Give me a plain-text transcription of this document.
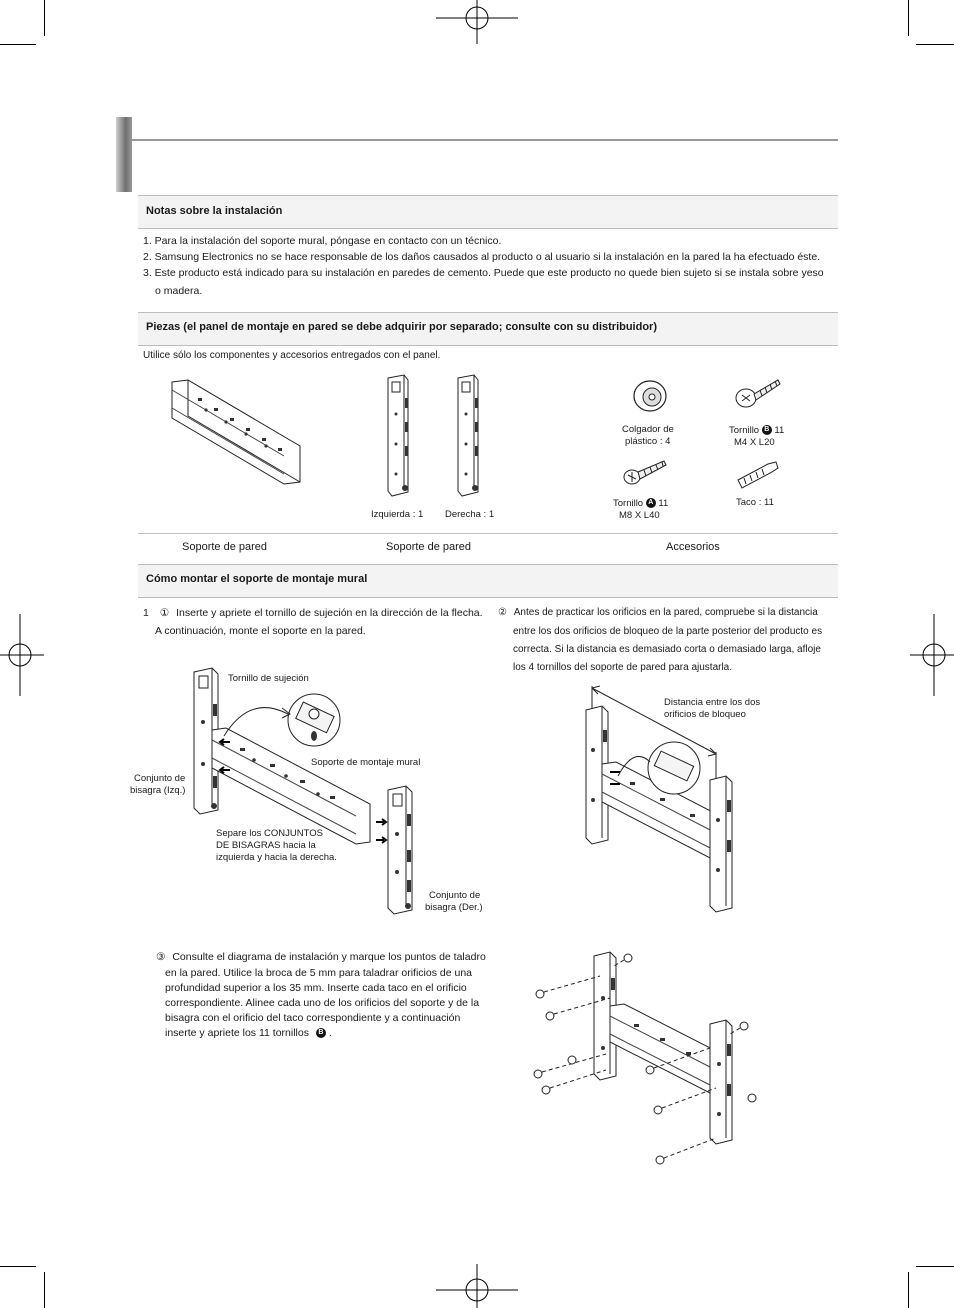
Notas sobre la instalación
1. Para la instalación del soporte mural, póngase en contacto con un técnico.
2. Samsung Electronics no se hace responsable de los daños causados al producto o al usuario si la instalación en la pared la ha efectuado éste.
3. Este producto está indicado para su instalación en paredes de cemento. Puede que este producto no quede bien sujeto si se instala sobre yeso
o madera.
Piezas (el panel de montaje en pared se debe adquirir por separado; consulte con su distribuidor)
Utilice sólo los componentes y accesorios entregados con el panel.
Izquierda : 1 Derecha : 1
Colgador de
plástico : 4
Tornillo B 11
M4 X L20
Tornillo A 11
M8 X L40
Taco : 11
Soporte de pared	Soporte de pared	Accesorios
Cómo montar el soporte de montaje mural
1 ① Inserte y apriete el tornillo de sujeción en la dirección de la flecha.
A continuación, monte el soporte en la pared.
② Antes de practicar los orificios en la pared, compruebe si la distancia
entre los dos orificios de bloqueo de la parte posterior del producto es
correcta. Si la distancia es demasiado corta o demasiado larga, afloje
los 4 tornillos del soporte de pared para ajustarla.
Tornillo de sujeción
Soporte de montaje mural
Conjunto de
bisagra (Izq.)
Separe los CONJUNTOS
DE BISAGRAS hacia la
izquierda y hacia la derecha.
Conjunto de
bisagra (Der.)
Distancia entre los dos
orificios de bloqueo
③ Consulte el diagrama de instalación y marque los puntos de taladro
en la pared. Utilice la broca de 5 mm para taladrar orificios de una
profundidad superior a los 35 mm. Inserte cada taco en el orificio
correspondiente. Alinee cada uno de los orificios del soporte y de la
bisagra con el orificio del taco correspondiente y a continuación
inserte y apriete los 11 tornillos B .
